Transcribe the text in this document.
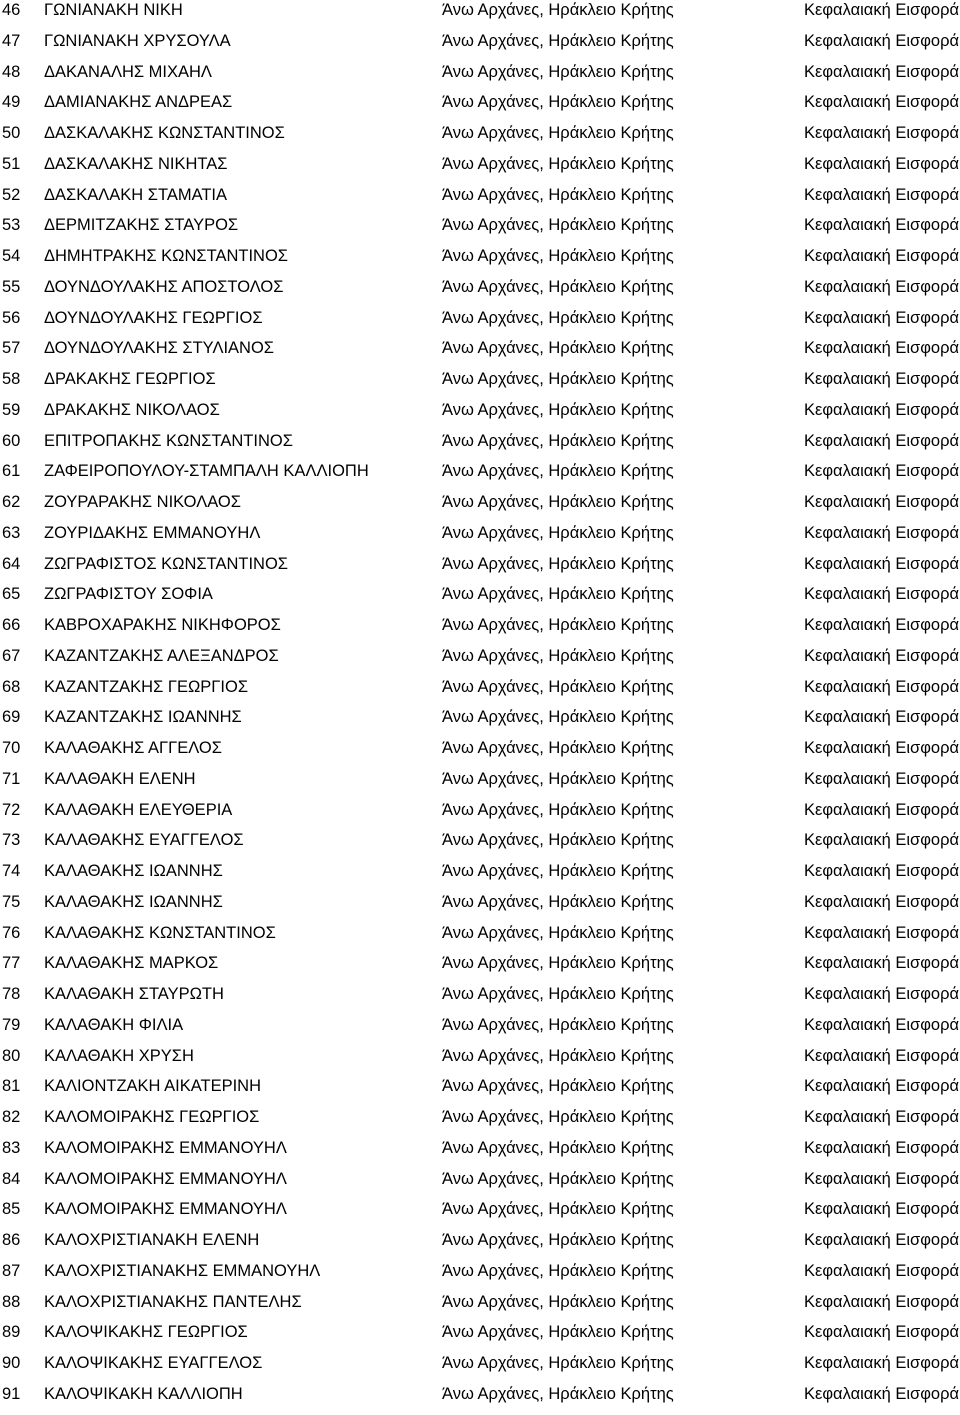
46 ΓΩΝΙΑΝΑΚΗ ΝΙΚΗ	Άνω Αρχάνες, Ηράκλειο Κρήτης	Κεφαλαιακή Εισφορά
47 ΓΩΝΙΑΝΑΚΗ ΧΡΥΣΟΥΛΑ	Άνω Αρχάνες, Ηράκλειο Κρήτης	Κεφαλαιακή Εισφορά
48 ΔΑΚΑΝΑΛΗΣ ΜΙΧΑΗΛ	Άνω Αρχάνες, Ηράκλειο Κρήτης	Κεφαλαιακή Εισφορά
49 ΔΑΜΙΑΝΑΚΗΣ ΑΝΔΡΕΑΣ	Άνω Αρχάνες, Ηράκλειο Κρήτης	Κεφαλαιακή Εισφορά
50 ΔΑΣΚΑΛΑΚΗΣ ΚΩΝΣΤΑΝΤΙΝΟΣ	Άνω Αρχάνες, Ηράκλειο Κρήτης	Κεφαλαιακή Εισφορά
51 ΔΑΣΚΑΛΑΚΗΣ ΝΙΚΗΤΑΣ	Άνω Αρχάνες, Ηράκλειο Κρήτης	Κεφαλαιακή Εισφορά
52 ΔΑΣΚΑΛΑΚΗ ΣΤΑΜΑΤΙΑ	Άνω Αρχάνες, Ηράκλειο Κρήτης	Κεφαλαιακή Εισφορά
53 ΔΕΡΜΙΤΖΑΚΗΣ ΣΤΑΥΡΟΣ	Άνω Αρχάνες, Ηράκλειο Κρήτης	Κεφαλαιακή Εισφορά
54 ΔΗΜΗΤΡΑΚΗΣ ΚΩΝΣΤΑΝΤΙΝΟΣ	Άνω Αρχάνες, Ηράκλειο Κρήτης	Κεφαλαιακή Εισφορά
55 ΔΟΥΝΔΟΥΛΑΚΗΣ ΑΠΟΣΤΟΛΟΣ	Άνω Αρχάνες, Ηράκλειο Κρήτης	Κεφαλαιακή Εισφορά
56 ΔΟΥΝΔΟΥΛΑΚΗΣ ΓΕΩΡΓΙΟΣ	Άνω Αρχάνες, Ηράκλειο Κρήτης	Κεφαλαιακή Εισφορά
57 ΔΟΥΝΔΟΥΛΑΚΗΣ ΣΤΥΛΙΑΝΟΣ	Άνω Αρχάνες, Ηράκλειο Κρήτης	Κεφαλαιακή Εισφορά
58 ΔΡΑΚΑΚΗΣ ΓΕΩΡΓΙΟΣ	Άνω Αρχάνες, Ηράκλειο Κρήτης	Κεφαλαιακή Εισφορά
59 ΔΡΑΚΑΚΗΣ ΝΙΚΟΛΑΟΣ	Άνω Αρχάνες, Ηράκλειο Κρήτης	Κεφαλαιακή Εισφορά
60 ΕΠΙΤΡΟΠΑΚΗΣ ΚΩΝΣΤΑΝΤΙΝΟΣ	Άνω Αρχάνες, Ηράκλειο Κρήτης	Κεφαλαιακή Εισφορά
61 ΖΑΦΕΙΡΟΠΟΥΛΟΥ-ΣΤΑΜΠΑΛΗ ΚΑΛΛΙΟΠΗ	Άνω Αρχάνες, Ηράκλειο Κρήτης	Κεφαλαιακή Εισφορά
62 ΖΟΥΡΑΡΑΚΗΣ ΝΙΚΟΛΑΟΣ	Άνω Αρχάνες, Ηράκλειο Κρήτης	Κεφαλαιακή Εισφορά
63 ΖΟΥΡΙΔΑΚΗΣ ΕΜΜΑΝΟΥΗΛ	Άνω Αρχάνες, Ηράκλειο Κρήτης	Κεφαλαιακή Εισφορά
64 ΖΩΓΡΑΦΙΣΤΟΣ ΚΩΝΣΤΑΝΤΙΝΟΣ	Άνω Αρχάνες, Ηράκλειο Κρήτης	Κεφαλαιακή Εισφορά
65 ΖΩΓΡΑΦΙΣΤΟΥ ΣΟΦΙΑ	Άνω Αρχάνες, Ηράκλειο Κρήτης	Κεφαλαιακή Εισφορά
66 ΚΑΒΡΟΧΑΡΑΚΗΣ ΝΙΚΗΦΟΡΟΣ	Άνω Αρχάνες, Ηράκλειο Κρήτης	Κεφαλαιακή Εισφορά
67 ΚΑΖΑΝΤΖΑΚΗΣ ΑΛΕΞΑΝΔΡΟΣ	Άνω Αρχάνες, Ηράκλειο Κρήτης	Κεφαλαιακή Εισφορά
68 ΚΑΖΑΝΤΖΑΚΗΣ ΓΕΩΡΓΙΟΣ	Άνω Αρχάνες, Ηράκλειο Κρήτης	Κεφαλαιακή Εισφορά
69 ΚΑΖΑΝΤΖΑΚΗΣ ΙΩΑΝΝΗΣ	Άνω Αρχάνες, Ηράκλειο Κρήτης	Κεφαλαιακή Εισφορά
70 ΚΑΛΑΘΑΚΗΣ ΑΓΓΕΛΟΣ	Άνω Αρχάνες, Ηράκλειο Κρήτης	Κεφαλαιακή Εισφορά
71 ΚΑΛΑΘΑΚΗ ΕΛΕΝΗ	Άνω Αρχάνες, Ηράκλειο Κρήτης	Κεφαλαιακή Εισφορά
72 ΚΑΛΑΘΑΚΗ ΕΛΕΥΘΕΡΙΑ	Άνω Αρχάνες, Ηράκλειο Κρήτης	Κεφαλαιακή Εισφορά
73 ΚΑΛΑΘΑΚΗΣ ΕΥΑΓΓΕΛΟΣ	Άνω Αρχάνες, Ηράκλειο Κρήτης	Κεφαλαιακή Εισφορά
74 ΚΑΛΑΘΑΚΗΣ ΙΩΑΝΝΗΣ	Άνω Αρχάνες, Ηράκλειο Κρήτης	Κεφαλαιακή Εισφορά
75 ΚΑΛΑΘΑΚΗΣ ΙΩΑΝΝΗΣ	Άνω Αρχάνες, Ηράκλειο Κρήτης	Κεφαλαιακή Εισφορά
76 ΚΑΛΑΘΑΚΗΣ ΚΩΝΣΤΑΝΤΙΝΟΣ	Άνω Αρχάνες, Ηράκλειο Κρήτης	Κεφαλαιακή Εισφορά
77 ΚΑΛΑΘΑΚΗΣ ΜΑΡΚΟΣ	Άνω Αρχάνες, Ηράκλειο Κρήτης	Κεφαλαιακή Εισφορά
78 ΚΑΛΑΘΑΚΗ ΣΤΑΥΡΩΤΗ	Άνω Αρχάνες, Ηράκλειο Κρήτης	Κεφαλαιακή Εισφορά
79 ΚΑΛΑΘΑΚΗ ΦΙΛΙΑ	Άνω Αρχάνες, Ηράκλειο Κρήτης	Κεφαλαιακή Εισφορά
80 ΚΑΛΑΘΑΚΗ ΧΡΥΣΗ	Άνω Αρχάνες, Ηράκλειο Κρήτης	Κεφαλαιακή Εισφορά
81 ΚΑΛΙΟΝΤΖΑΚΗ ΑΙΚΑΤΕΡΙΝΗ	Άνω Αρχάνες, Ηράκλειο Κρήτης	Κεφαλαιακή Εισφορά
82 ΚΑΛΟΜΟΙΡΑΚΗΣ ΓΕΩΡΓΙΟΣ	Άνω Αρχάνες, Ηράκλειο Κρήτης	Κεφαλαιακή Εισφορά
83 ΚΑΛΟΜΟΙΡΑΚΗΣ ΕΜΜΑΝΟΥΗΛ	Άνω Αρχάνες, Ηράκλειο Κρήτης	Κεφαλαιακή Εισφορά
84 ΚΑΛΟΜΟΙΡΑΚΗΣ ΕΜΜΑΝΟΥΗΛ	Άνω Αρχάνες, Ηράκλειο Κρήτης	Κεφαλαιακή Εισφορά
85 ΚΑΛΟΜΟΙΡΑΚΗΣ ΕΜΜΑΝΟΥΗΛ	Άνω Αρχάνες, Ηράκλειο Κρήτης	Κεφαλαιακή Εισφορά
86 ΚΑΛΟΧΡΙΣΤΙΑΝΑΚΗ ΕΛΕΝΗ	Άνω Αρχάνες, Ηράκλειο Κρήτης	Κεφαλαιακή Εισφορά
87 ΚΑΛΟΧΡΙΣΤΙΑΝΑΚΗΣ ΕΜΜΑΝΟΥΗΛ	Άνω Αρχάνες, Ηράκλειο Κρήτης	Κεφαλαιακή Εισφορά
88 ΚΑΛΟΧΡΙΣΤΙΑΝΑΚΗΣ ΠΑΝΤΕΛΗΣ	Άνω Αρχάνες, Ηράκλειο Κρήτης	Κεφαλαιακή Εισφορά
89 ΚΑΛΟΨΙΚΑΚΗΣ ΓΕΩΡΓΙΟΣ	Άνω Αρχάνες, Ηράκλειο Κρήτης	Κεφαλαιακή Εισφορά
90 ΚΑΛΟΨΙΚΑΚΗΣ ΕΥΑΓΓΕΛΟΣ	Άνω Αρχάνες, Ηράκλειο Κρήτης	Κεφαλαιακή Εισφορά
91 ΚΑΛΟΨΙΚΑΚΗ ΚΑΛΛΙΟΠΗ	Άνω Αρχάνες, Ηράκλειο Κρήτης	Κεφαλαιακή Εισφορά
